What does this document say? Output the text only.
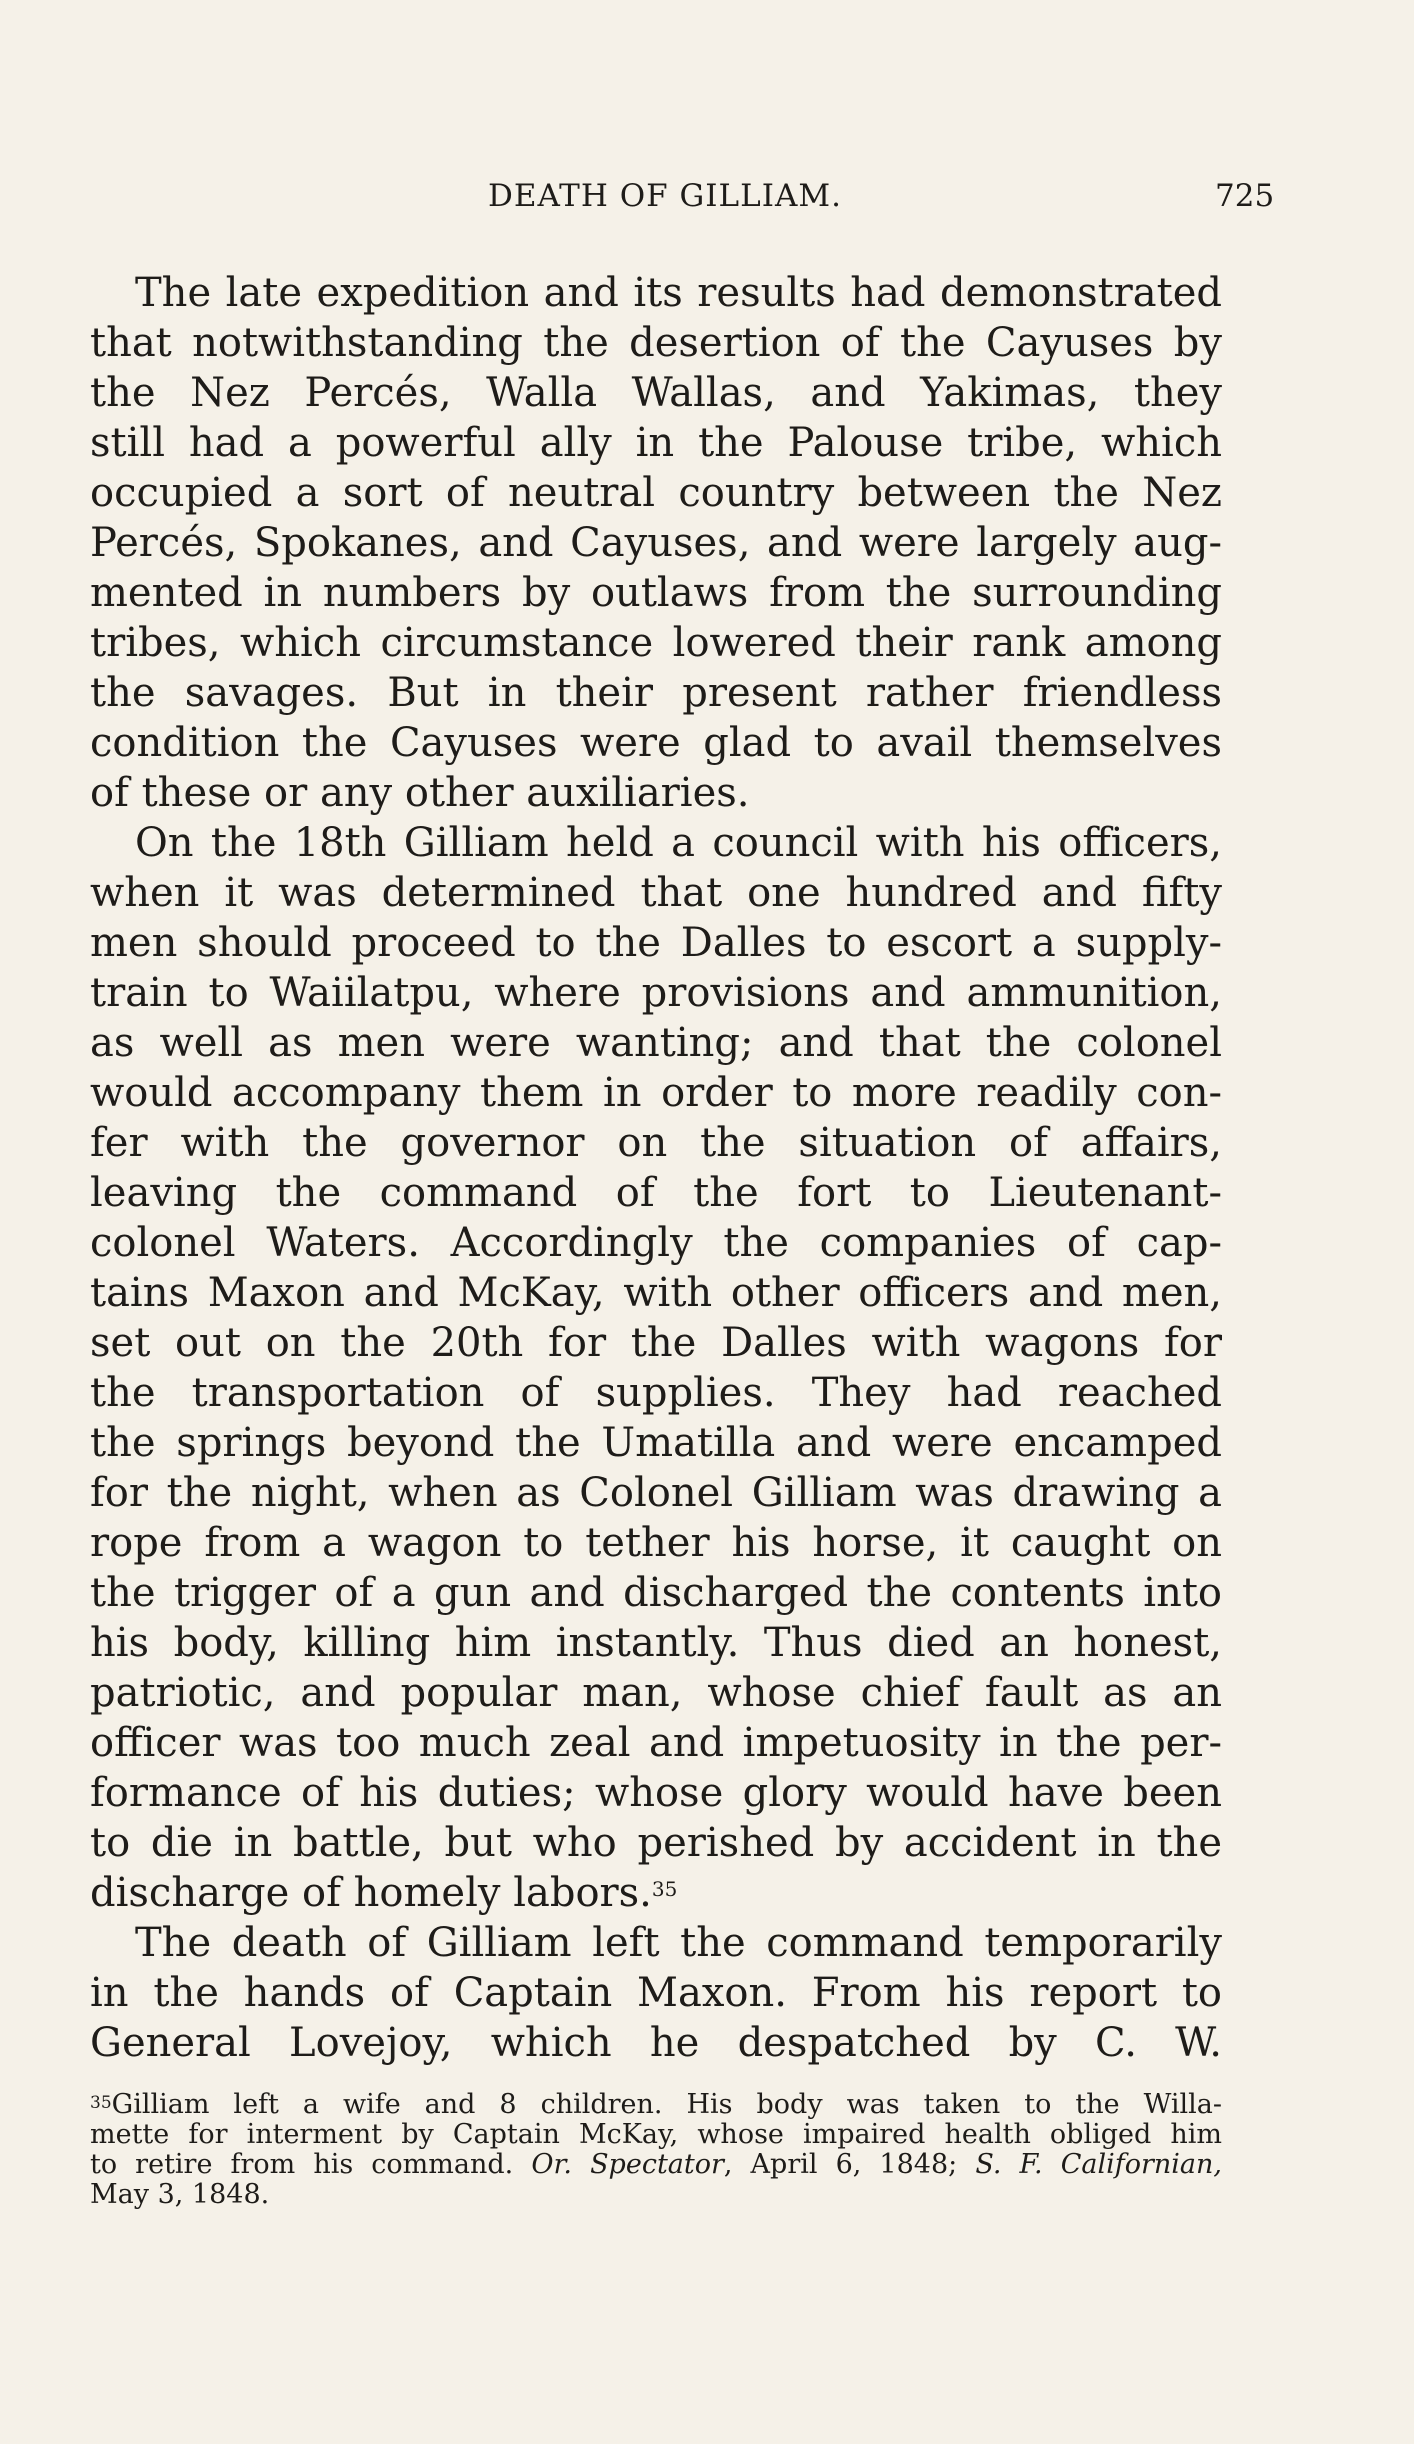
DEATH OF GILLIAM.	725
The late expedition and its results had demonstrated
that notwithstanding the desertion of the Cayuses by
the Nez Percés, Walla Wallas, and Yakimas, they
still had a powerful ally in the Palouse tribe, which
occupied a sort of neutral country between the Nez
Percés, Spokanes, and Cayuses, and were largely aug-
mented in numbers by outlaws from the surrounding
tribes, which circumstance lowered their rank among
the savages. But in their present rather friendless
condition the Cayuses were glad to avail themselves
of these or any other auxiliaries.
On the 18th Gilliam held a council with his officers,
when it was determined that one hundred and fifty
men should proceed to the Dalles to escort a supply-
train to Waiilatpu, where provisions and ammunition,
as well as men were wanting; and that the colonel
would accompany them in order to more readily con-
fer with the governor on the situation of affairs,
leaving the command of the fort to Lieutenant-
colonel Waters. Accordingly the companies of cap-
tains Maxon and McKay, with other officers and men,
set out on the 20th for the Dalles with wagons for
the transportation of supplies. They had reached
the springs beyond the Umatilla and were encamped
for the night, when as Colonel Gilliam was drawing a
rope from a wagon to tether his horse, it caught on
the trigger of a gun and discharged the contents into
his body, killing him instantly. Thus died an honest,
patriotic, and popular man, whose chief fault as an
officer was too much zeal and impetuosity in the per-
formance of his duties; whose glory would have been
to die in battle, but who perished by accident in the
discharge of homely labors.$^{35}$
The death of Gilliam left the command temporarily
in the hands of Captain Maxon. From his report to
General Lovejoy, which he despatched by C. W.
$^{35}$Gilliam left a wife and 8 children. His body was taken to the Willa-
mette for interment by Captain McKay, whose impaired health obliged him
to retire from his command. Or. Spectator, April 6, 1848; S. F. Californian,
May 3, 1848.
